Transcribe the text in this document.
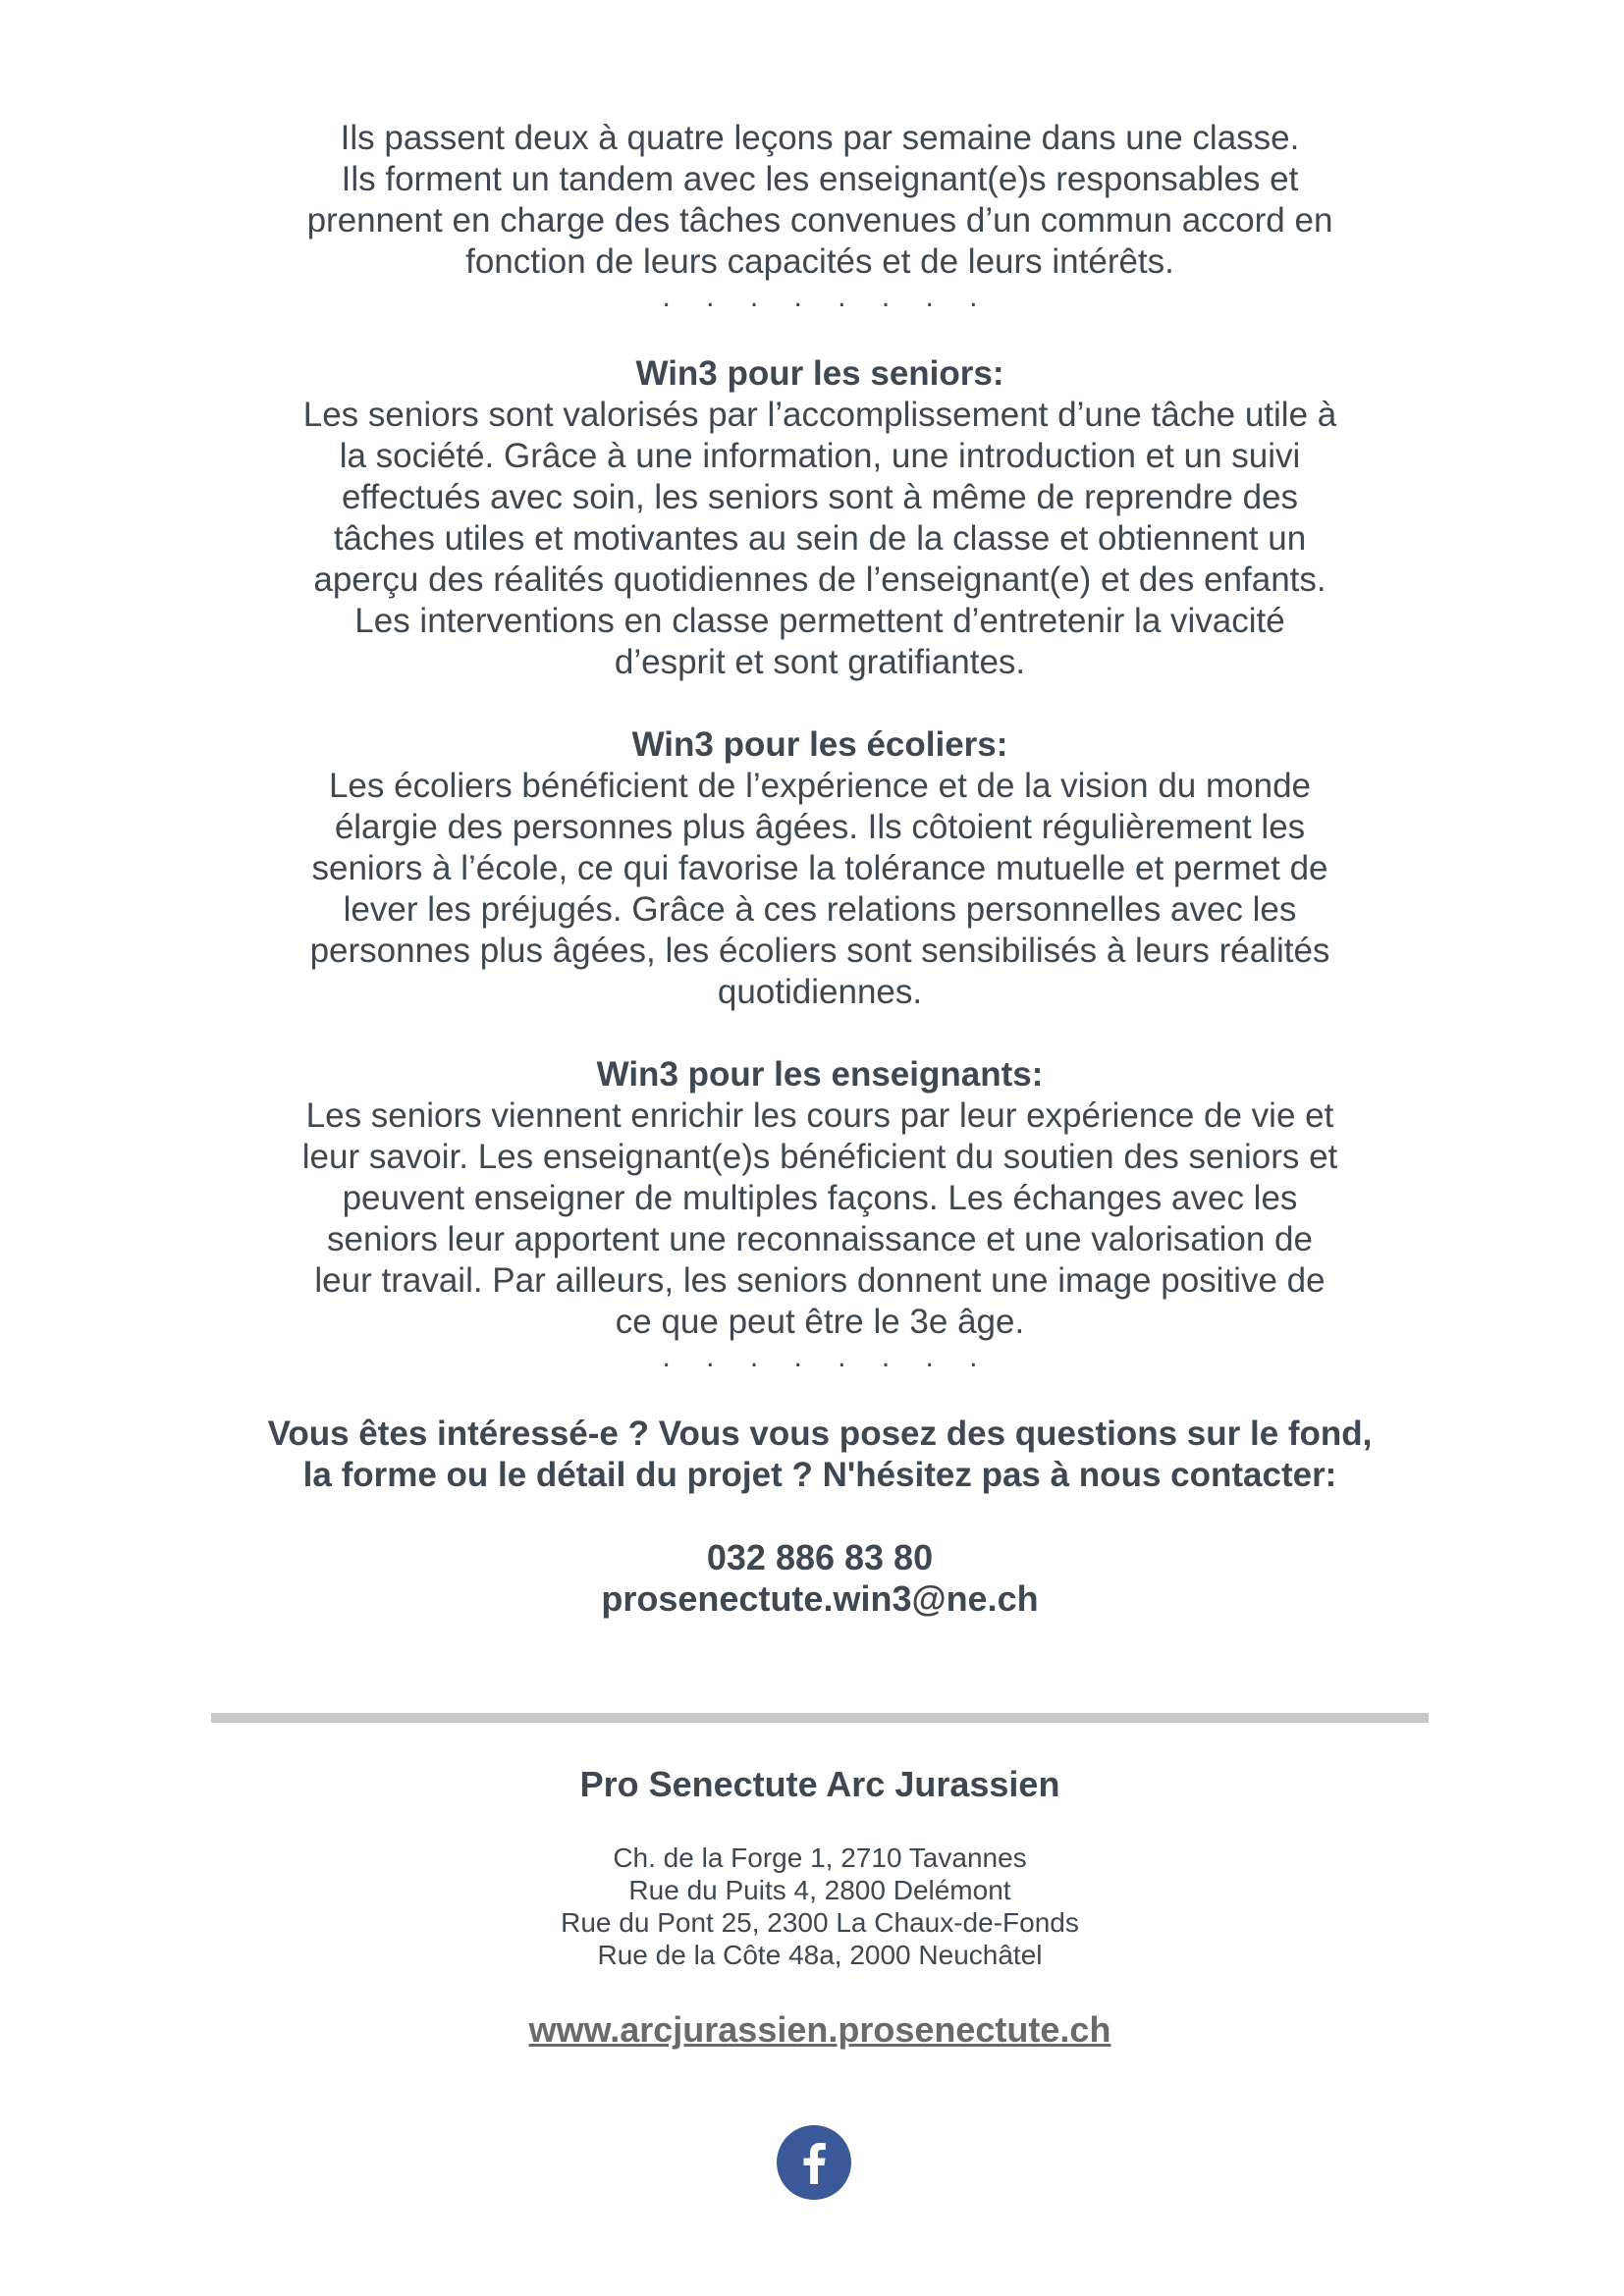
Ils passent deux à quatre leçons par semaine dans une classe.

Ils forment un tandem avec les enseignant(e)s responsables et

prennent en charge des tâches convenues d’un commun accord en

fonction de leurs capacités et de leurs intérêts.

. . . . . . . .

Win3 pour les seniors:

Les seniors sont valorisés par l’accomplissement d’une tâche utile à

la société. Grâce à une information, une introduction et un suivi

effectués avec soin, les seniors sont à même de reprendre des

tâches utiles et motivantes au sein de la classe et obtiennent un

aperçu des réalités quotidiennes de l’enseignant(e) et des enfants.

Les interventions en classe permettent d’entretenir la vivacité

d’esprit et sont gratifiantes.

Win3 pour les écoliers:

Les écoliers bénéficient de l’expérience et de la vision du monde

élargie des personnes plus âgées. Ils côtoient régulièrement les

seniors à l’école, ce qui favorise la tolérance mutuelle et permet de

lever les préjugés. Grâce à ces relations personnelles avec les

personnes plus âgées, les écoliers sont sensibilisés à leurs réalités

quotidiennes.

Win3 pour les enseignants:

Les seniors viennent enrichir les cours par leur expérience de vie et

leur savoir. Les enseignant(e)s bénéficient du soutien des seniors et

peuvent enseigner de multiples façons. Les échanges avec les

seniors leur apportent une reconnaissance et une valorisation de

leur travail. Par ailleurs, les seniors donnent une image positive de

ce que peut être le 3e âge.

. . . . . . . .

Vous êtes intéressé-e ? Vous vous posez des questions sur le fond, la forme ou le détail du projet ? N'hésitez pas à nous contacter:

032 886 83 80

prosenectute.win3@ne.ch

Pro Senectute Arc Jurassien

Ch. de la Forge 1, 2710 Tavannes

Rue du Puits 4, 2800 Delémont

Rue du Pont 25, 2300 La Chaux-de-Fonds

Rue de la Côte 48a, 2000 Neuchâtel

www.arcjurassien.prosenectute.ch
